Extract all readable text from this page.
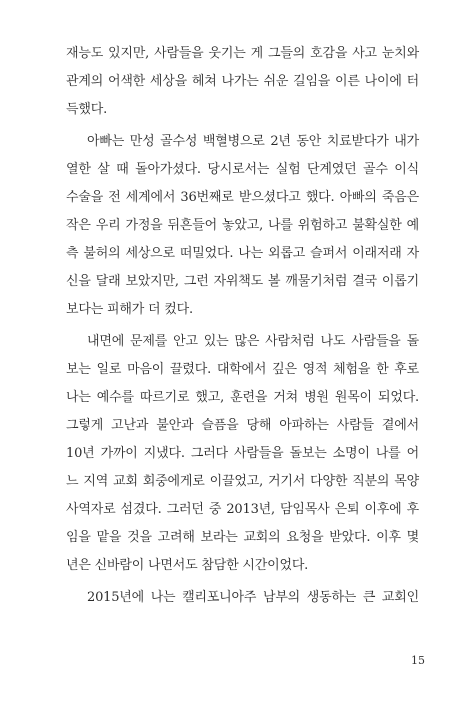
재능도 있지만, 사람들을 웃기는 게 그들의 호감을 사고 눈치와
관계의 어색한 세상을 헤쳐 나가는 쉬운 길임을 이른 나이에 터
득했다.
아빠는 만성 골수성 백혈병으로 2년 동안 치료받다가 내가
열한 살 때 돌아가셨다. 당시로서는 실험 단계였던 골수 이식
수술을 전 세계에서 36번째로 받으셨다고 했다. 아빠의 죽음은
작은 우리 가정을 뒤흔들어 놓았고, 나를 위험하고 불확실한 예
측 불허의 세상으로 떠밀었다. 나는 외롭고 슬퍼서 이래저래 자
신을 달래 보았지만, 그런 자위책도 볼 깨물기처럼 결국 이롭기
보다는 피해가 더 컸다.
내면에 문제를 안고 있는 많은 사람처럼 나도 사람들을 돌
보는 일로 마음이 끌렸다. 대학에서 깊은 영적 체험을 한 후로
나는 예수를 따르기로 했고, 훈련을 거쳐 병원 원목이 되었다.
그렇게 고난과 불안과 슬픔을 당해 아파하는 사람들 곁에서
10년 가까이 지냈다. 그러다 사람들을 돌보는 소명이 나를 어
느 지역 교회 회중에게로 이끌었고, 거기서 다양한 직분의 목양
사역자로 섬겼다. 그러던 중 2013년, 담임목사 은퇴 이후에 후
임을 맡을 것을 고려해 보라는 교회의 요청을 받았다. 이후 몇
년은 신바람이 나면서도 참담한 시간이었다.
2015년에 나는 캘리포니아주 남부의 생동하는 큰 교회인
15
